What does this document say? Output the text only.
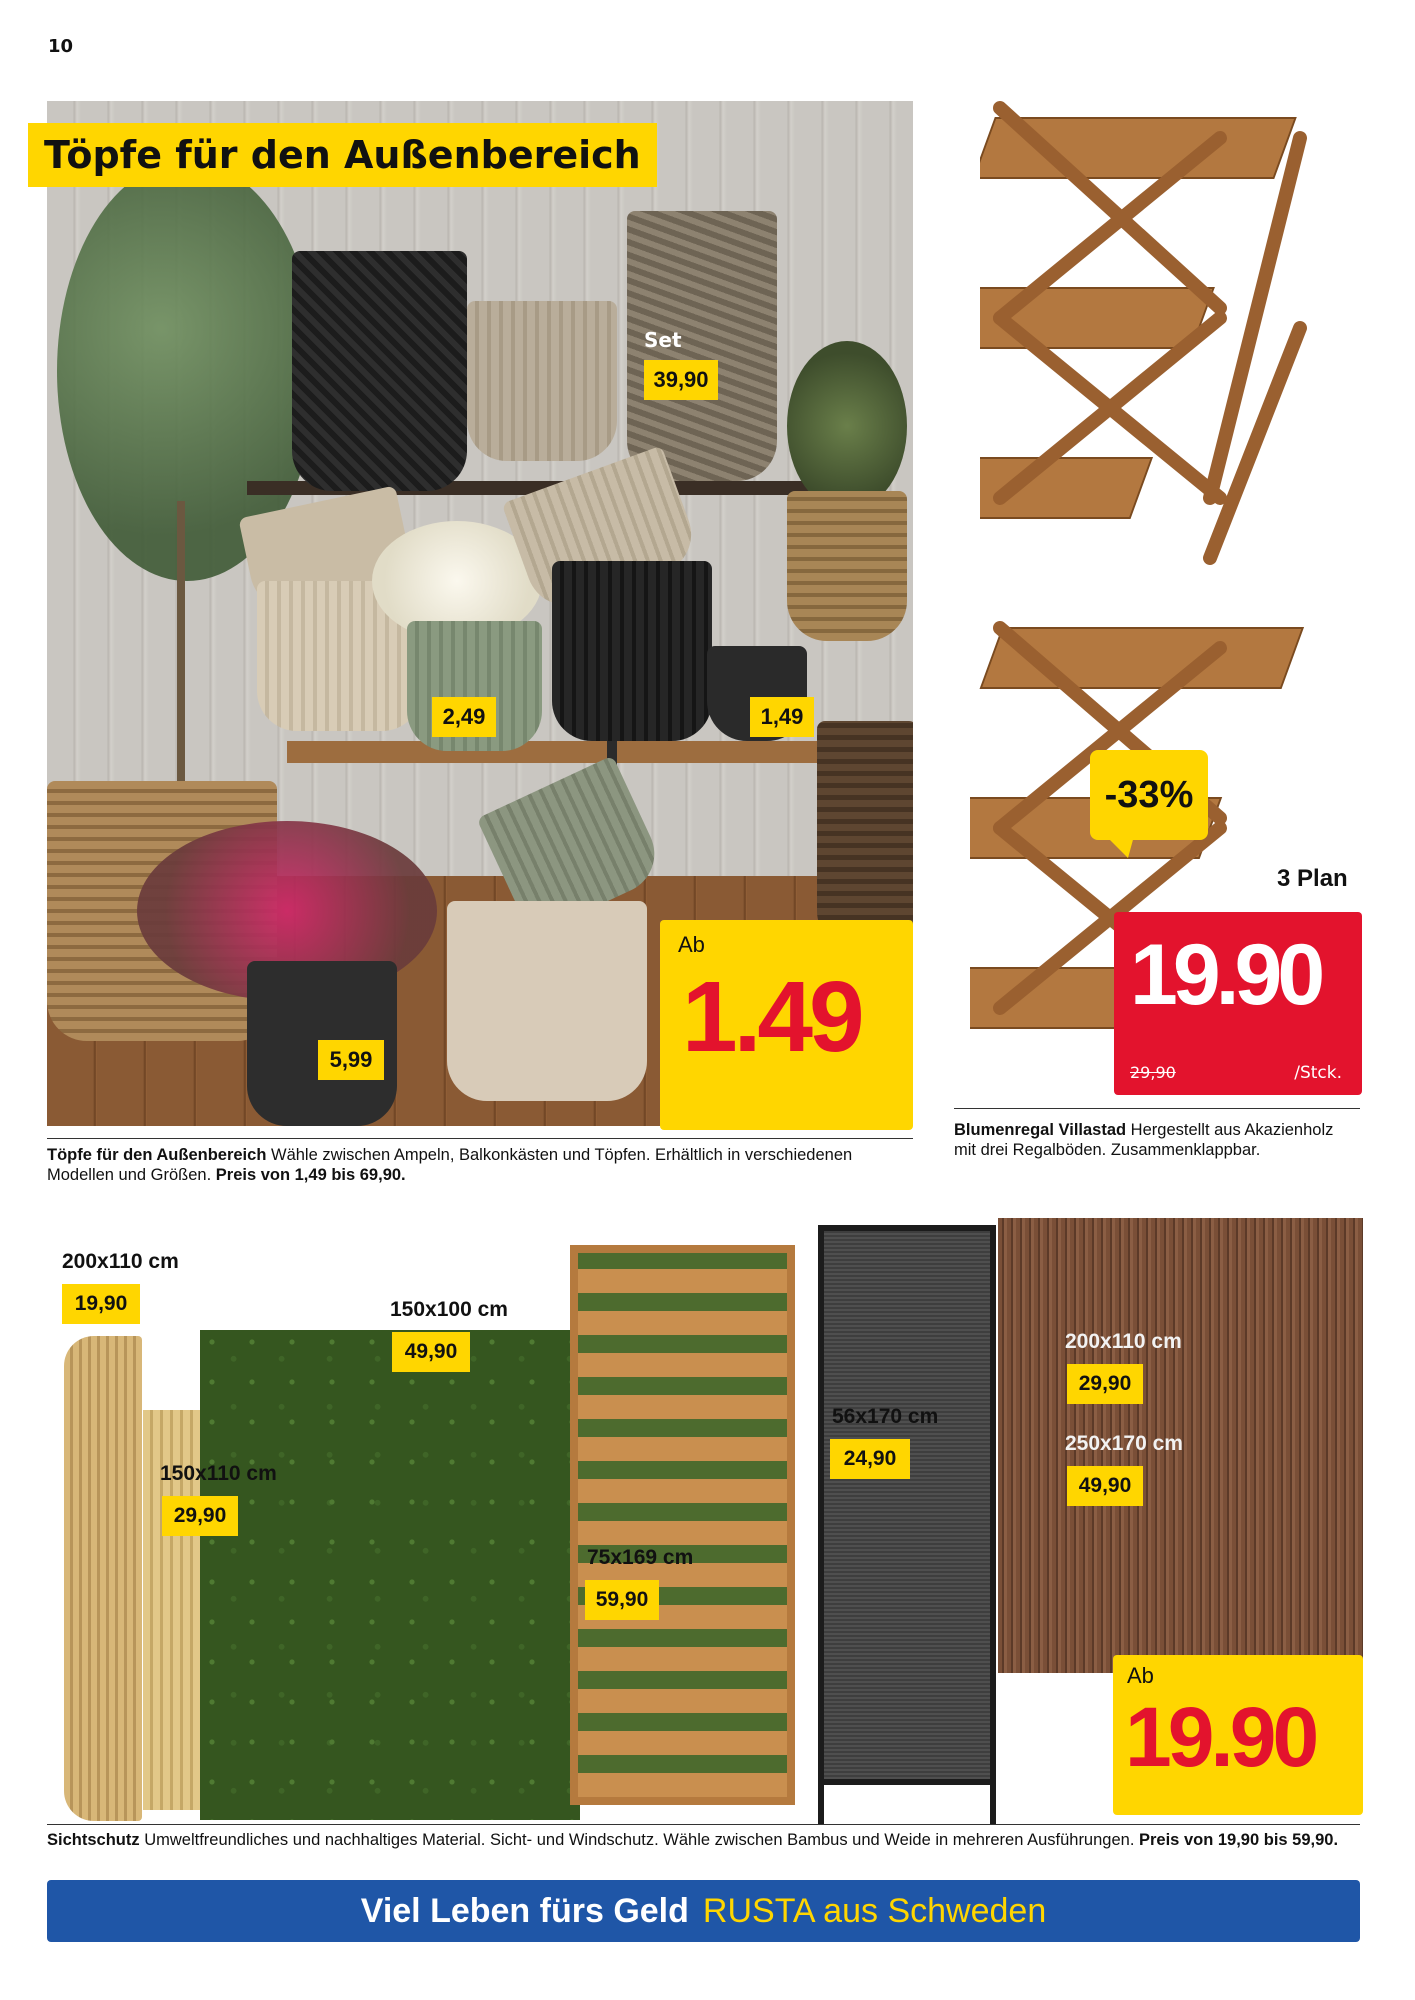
10
Töpfe für den Außenbereich
Set
39,90
2,49	1,49
5,99
Ab
1.49
Töpfe für den Außenbereich Wähle zwischen Ampeln, Balkonkästen und Töpfen. Erhältlich in verschiedenen Modellen und Größen. Preis von 1,49 bis 69,90.
-33%
3 Plan
19.90
29,90	/Stck.
Blumenregal Villastad Hergestellt aus Akazienholz mit drei Regalböden. Zusammenklappbar.
200x110 cm
19,90
150x110 cm
29,90
150x100 cm
49,90
75x169 cm
59,90
56x170 cm
24,90
200x110 cm
29,90
250x170 cm
49,90
Ab
19.90
Sichtschutz Umweltfreundliches und nachhaltiges Material. Sicht- und Windschutz. Wähle zwischen Bambus und Weide in mehreren Ausführungen. Preis von 19,90 bis 59,90.
Viel Leben fürs Geld RUSTA aus Schweden
